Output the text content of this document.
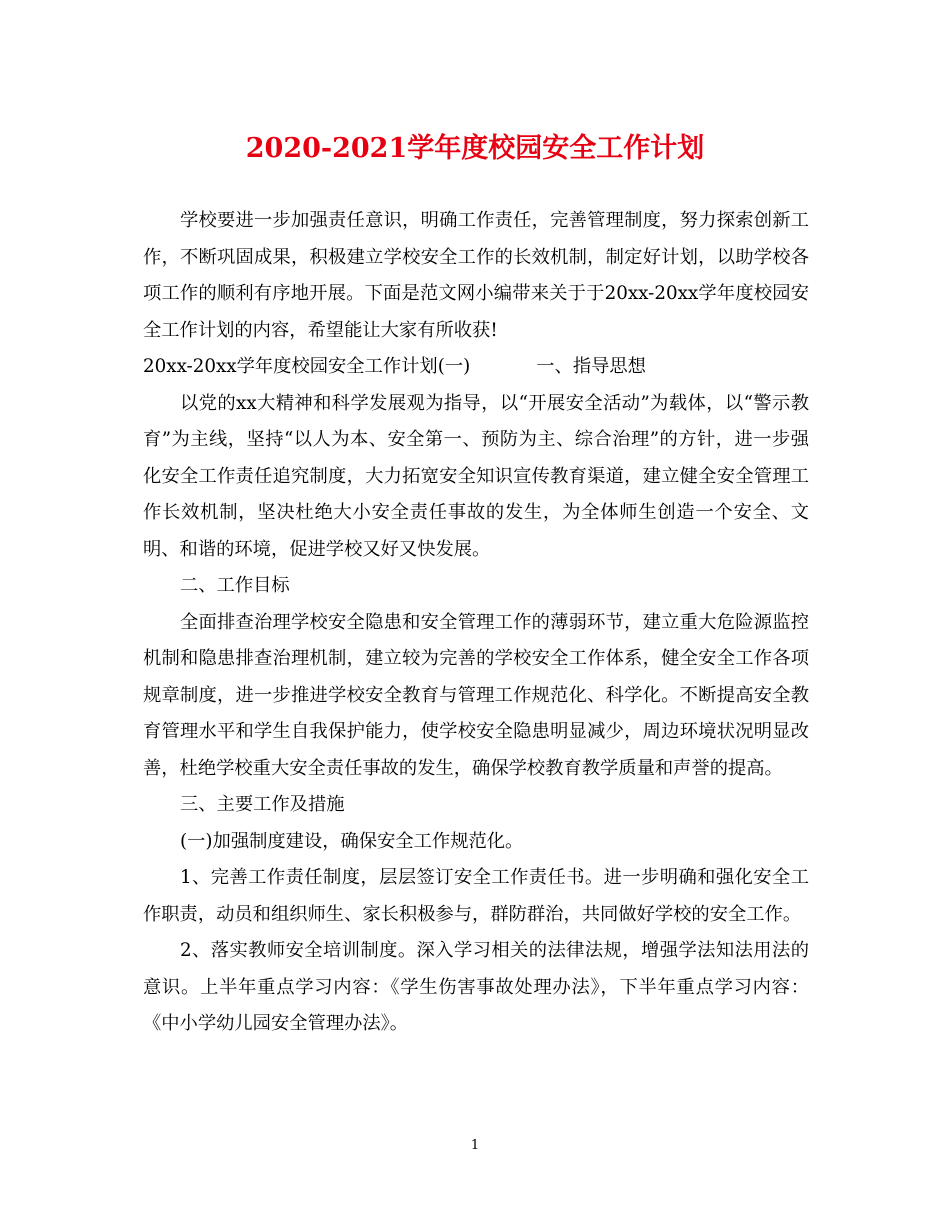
2020-2021学年度校园安全工作计划

学校要进一步加强责任意识，明确工作责任，完善管理制度，努力探索创新工作，不断巩固成果，积极建立学校安全工作的长效机制，制定好计划，以助学校各项工作的顺利有序地开展。下面是范文网小编带来关于于20xx-20xx学年度校园安全工作计划的内容，希望能让大家有所收获!

20xx-20xx学年度校园安全工作计划(一)	一、指导思想

以党的xx大精神和科学发展观为指导，以“开展安全活动”为载体，以“警示教育”为主线，坚持“以人为本、安全第一、预防为主、综合治理”的方针，进一步强化安全工作责任追究制度，大力拓宽安全知识宣传教育渠道，建立健全安全管理工作长效机制，坚决杜绝大小安全责任事故的发生，为全体师生创造一个安全、文明、和谐的环境，促进学校又好又快发展。

二、工作目标

全面排查治理学校安全隐患和安全管理工作的薄弱环节，建立重大危险源监控机制和隐患排查治理机制，建立较为完善的学校安全工作体系，健全安全工作各项规章制度，进一步推进学校安全教育与管理工作规范化、科学化。不断提高安全教育管理水平和学生自我保护能力，使学校安全隐患明显减少，周边环境状况明显改善，杜绝学校重大安全责任事故的发生，确保学校教育教学质量和声誉的提高。

三、主要工作及措施

(一)加强制度建设，确保安全工作规范化。

1、完善工作责任制度，层层签订安全工作责任书。进一步明确和强化安全工作职责，动员和组织师生、家长积极参与，群防群治，共同做好学校的安全工作。

2、落实教师安全培训制度。深入学习相关的法律法规，增强学法知法用法的意识。上半年重点学习内容：《学生伤害事故处理办法》，下半年重点学习内容：《中小学幼儿园安全管理办法》。

1
